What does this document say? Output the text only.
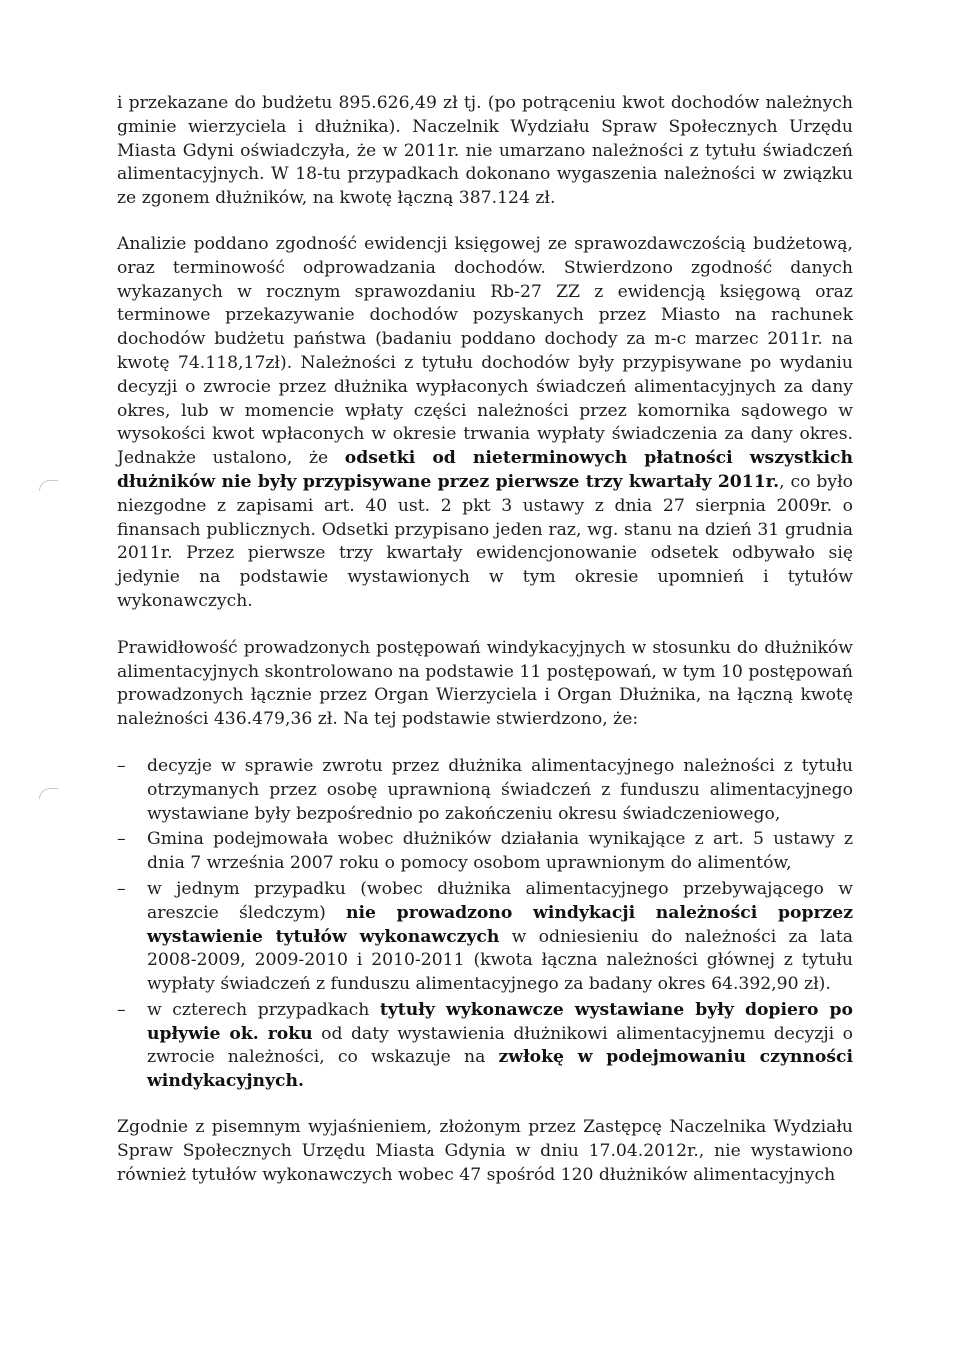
i przekazane do budżetu 895.626,49 zł tj. (po potrąceniu kwot dochodów należnych gminie wierzyciela i dłużnika). Naczelnik Wydziału Spraw Społecznych Urzędu Miasta Gdyni oświadczyła, że w 2011r. nie umarzano należności z tytułu świadczeń alimentacyjnych. W 18-tu przypadkach dokonano wygaszenia należności w związku ze zgonem dłużników, na kwotę łączną 387.124 zł.

Analizie poddano zgodność ewidencji księgowej ze sprawozdawczością budżetową, oraz terminowość odprowadzania dochodów. Stwierdzono zgodność danych wykazanych w rocznym sprawozdaniu Rb-27 ZZ z ewidencją księgową oraz terminowe przekazywanie dochodów pozyskanych przez Miasto na rachunek dochodów budżetu państwa (badaniu poddano dochody za m-c marzec 2011r. na kwotę 74.118,17zł). Należności z tytułu dochodów były przypisywane po wydaniu decyzji o zwrocie przez dłużnika wypłaconych świadczeń alimentacyjnych za dany okres, lub w momencie wpłaty części należności przez komornika sądowego w wysokości kwot wpłaconych w okresie trwania wypłaty świadczenia za dany okres. Jednakże ustalono, że odsetki od nieterminowych płatności wszystkich dłużników nie były przypisywane przez pierwsze trzy kwartały 2011r., co było niezgodne z zapisami art. 40 ust. 2 pkt 3 ustawy z dnia 27 sierpnia 2009r. o finansach publicznych. Odsetki przypisano jeden raz, wg. stanu na dzień 31 grudnia 2011r. Przez pierwsze trzy kwartały ewidencjonowanie odsetek odbywało się jedynie na podstawie wystawionych w tym okresie upomnień i tytułów wykonawczych.

Prawidłowość prowadzonych postępowań windykacyjnych w stosunku do dłużników alimentacyjnych skontrolowano na podstawie 11 postępowań, w tym 10 postępowań prowadzonych łącznie przez Organ Wierzyciela i Organ Dłużnika, na łączną kwotę należności 436.479,36 zł. Na tej podstawie stwierdzono, że:

– decyzje w sprawie zwrotu przez dłużnika alimentacyjnego należności z tytułu otrzymanych przez osobę uprawnioną świadczeń z funduszu alimentacyjnego wystawiane były bezpośrednio po zakończeniu okresu świadczeniowego,
– Gmina podejmowała wobec dłużników działania wynikające z art. 5 ustawy z dnia 7 września 2007 roku o pomocy osobom uprawnionym do alimentów,
– w jednym przypadku (wobec dłużnika alimentacyjnego przebywającego w areszcie śledczym) nie prowadzono windykacji należności poprzez wystawienie tytułów wykonawczych w odniesieniu do należności za lata 2008-2009, 2009-2010 i 2010-2011 (kwota łączna należności głównej z tytułu wypłaty świadczeń z funduszu alimentacyjnego za badany okres 64.392,90 zł).
– w czterech przypadkach tytuły wykonawcze wystawiane były dopiero po upływie ok. roku od daty wystawienia dłużnikowi alimentacyjnemu decyzji o zwrocie należności, co wskazuje na zwłokę w podejmowaniu czynności windykacyjnych.

Zgodnie z pisemnym wyjaśnieniem, złożonym przez Zastępcę Naczelnika Wydziału Spraw Społecznych Urzędu Miasta Gdynia w dniu 17.04.2012r., nie wystawiono również tytułów wykonawczych wobec 47 spośród 120 dłużników alimentacyjnych
